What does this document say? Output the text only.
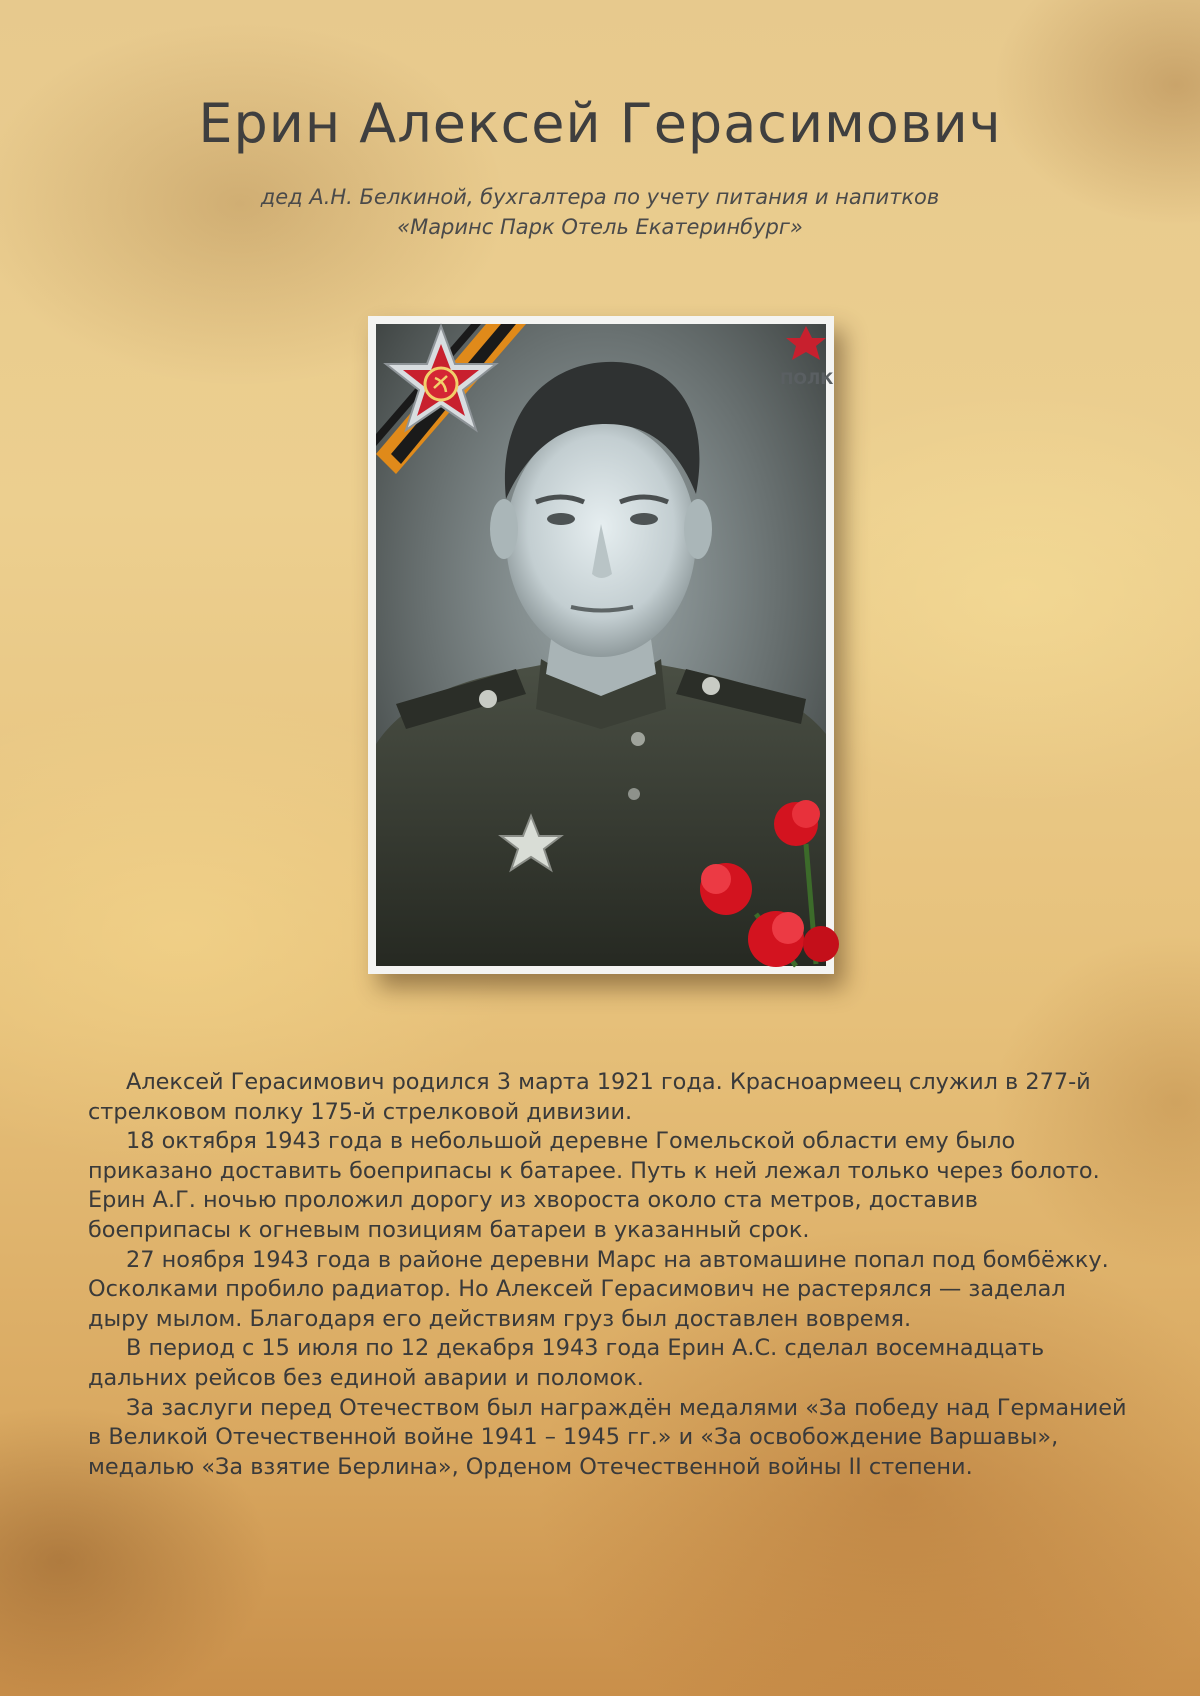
Ерин Алексей Герасимович
дед А.Н. Белкиной, бухгалтера по учету питания и напитков
«Маринс Парк Отель Екатеринбург»
ПОЛК

Алексей Герасимович родился 3 марта 1921 года. Красноармеец служил в 277-й стрелковом полку 175-й стрелковой дивизии.

18 октября 1943 года в небольшой деревне Гомельской области ему было приказано доставить боеприпасы к батарее. Путь к ней лежал только через болото. Ерин А.Г. ночью проложил дорогу из хвороста около ста метров, доставив боеприпасы к огневым позициям батареи в указанный срок.

27 ноября 1943 года в районе деревни Марс на автомашине попал под бомбёжку. Осколками пробило радиатор. Но Алексей Герасимович не растерялся — заделал дыру мылом. Благодаря его действиям груз был доставлен вовремя.

В период с 15 июля по 12 декабря 1943 года Ерин А.С. сделал восемнадцать дальних рейсов без единой аварии и поломок.

За заслуги перед Отечеством был награждён медалями «За победу над Германией в Великой Отечественной войне 1941 – 1945 гг.» и «За освобождение Варшавы», медалью «За взятие Берлина», Орденом Отечественной войны II степени.
